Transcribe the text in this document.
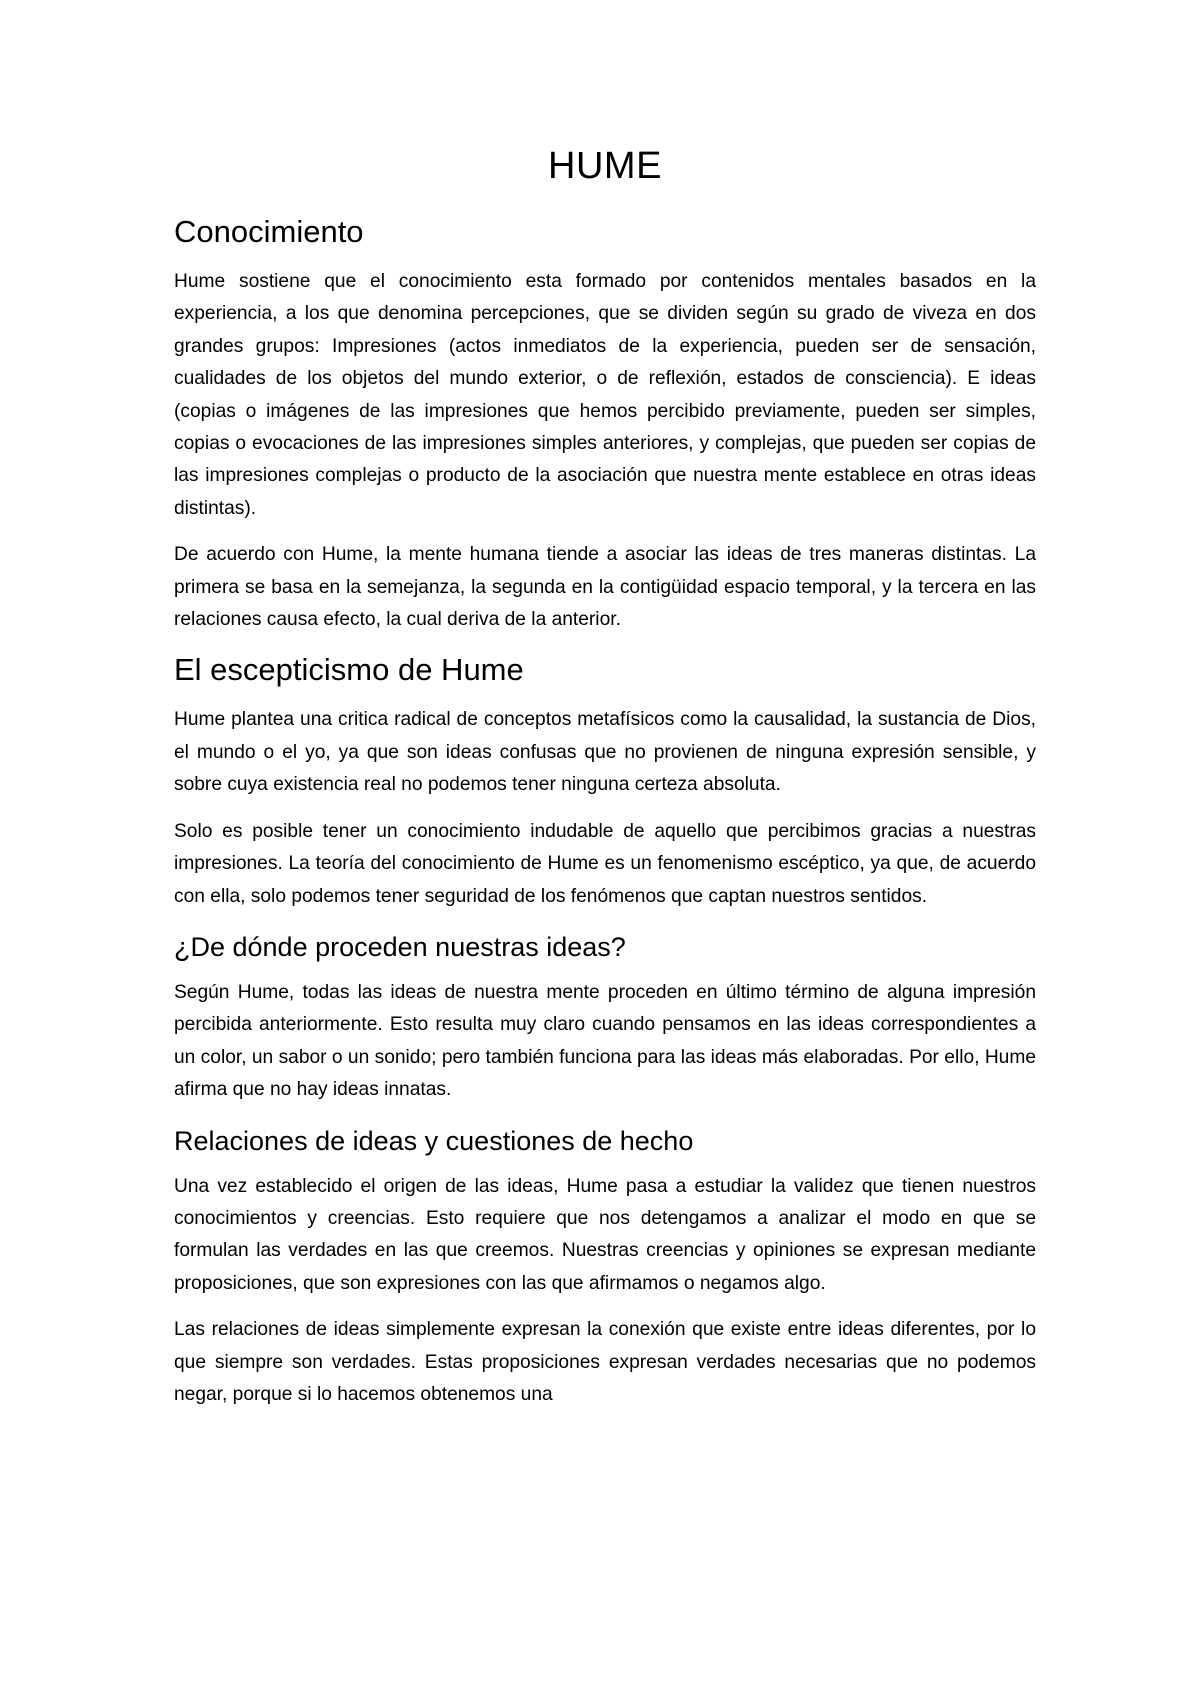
HUME
Conocimiento

Hume sostiene que el conocimiento esta formado por contenidos mentales basados en la experiencia, a los que denomina percepciones, que se dividen según su grado de viveza en dos grandes grupos: Impresiones (actos inmediatos de la experiencia, pueden ser de sensación, cualidades de los objetos del mundo exterior, o de reflexión, estados de consciencia). E ideas (copias o imágenes de las impresiones que hemos percibido previamente, pueden ser simples, copias o evocaciones de las impresiones simples anteriores, y complejas, que pueden ser copias de las impresiones complejas o producto de la asociación que nuestra mente establece en otras ideas distintas).

De acuerdo con Hume, la mente humana tiende a asociar las ideas de tres maneras distintas. La primera se basa en la semejanza, la segunda en la contigüidad espacio temporal, y la tercera en las relaciones causa efecto, la cual deriva de la anterior.

El escepticismo de Hume

Hume plantea una critica radical de conceptos metafísicos como la causalidad, la sustancia de Dios, el mundo o el yo, ya que son ideas confusas que no provienen de ninguna expresión sensible, y sobre cuya existencia real no podemos tener ninguna certeza absoluta.

Solo es posible tener un conocimiento indudable de aquello que percibimos gracias a nuestras impresiones. La teoría del conocimiento de Hume es un fenomenismo escéptico, ya que, de acuerdo con ella, solo podemos tener seguridad de los fenómenos que captan nuestros sentidos.

¿De dónde proceden nuestras ideas?

Según Hume, todas las ideas de nuestra mente proceden en último término de alguna impresión percibida anteriormente. Esto resulta muy claro cuando pensamos en las ideas correspondientes a un color, un sabor o un sonido; pero también funciona para las ideas más elaboradas. Por ello, Hume afirma que no hay ideas innatas.

Relaciones de ideas y cuestiones de hecho

Una vez establecido el origen de las ideas, Hume pasa a estudiar la validez que tienen nuestros conocimientos y creencias. Esto requiere que nos detengamos a analizar el modo en que se formulan las verdades en las que creemos. Nuestras creencias y opiniones se expresan mediante proposiciones, que son expresiones con las que afirmamos o negamos algo.

Las relaciones de ideas simplemente expresan la conexión que existe entre ideas diferentes, por lo que siempre son verdades. Estas proposiciones expresan verdades necesarias que no podemos negar, porque si lo hacemos obtenemos una
